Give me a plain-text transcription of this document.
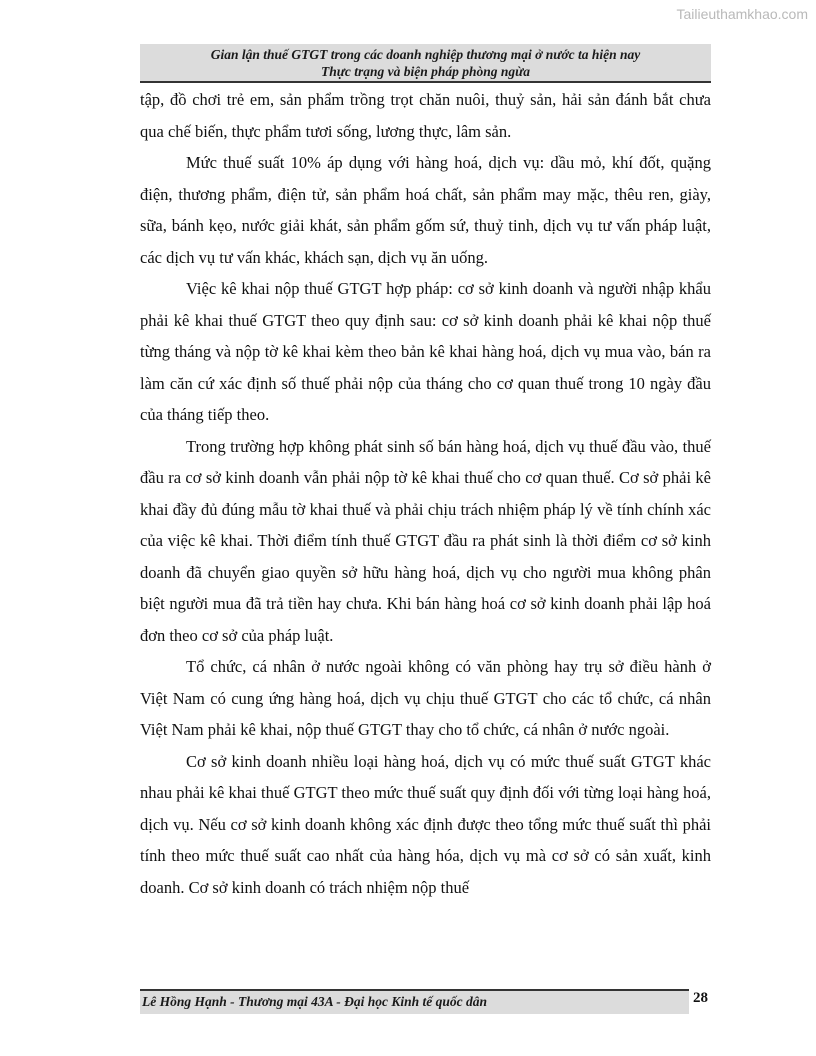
Tailieuthamkhao.com
Gian lận thuế GTGT trong các doanh nghiệp thương mại ở nước ta hiện nay
Thực trạng và biện pháp phòng ngừa

tập, đồ chơi trẻ em, sản phẩm trồng trọt chăn nuôi, thuỷ sản, hải sản đánh bắt chưa qua chế biến, thực phẩm tươi sống, lương thực, lâm sản.

Mức thuế suất 10% áp dụng với hàng hoá, dịch vụ: dầu mỏ, khí đốt, quặng điện, thương phẩm, điện tử, sản phẩm hoá chất, sản phẩm may mặc, thêu ren, giày, sữa, bánh kẹo, nước giải khát, sản phẩm gốm sứ, thuỷ tinh, dịch vụ tư vấn pháp luật, các dịch vụ tư vấn khác, khách sạn, dịch vụ ăn uống.

Việc kê khai nộp thuế GTGT hợp pháp: cơ sở kinh doanh và người nhập khẩu phải kê khai thuế GTGT theo quy định sau: cơ sở kinh doanh phải kê khai nộp thuế từng tháng và nộp tờ kê khai kèm theo bản kê khai hàng hoá, dịch vụ mua vào, bán ra làm căn cứ xác định số thuế phải nộp của tháng cho cơ quan thuế trong 10 ngày đầu của tháng tiếp theo.

Trong trường hợp không phát sinh số bán hàng hoá, dịch vụ thuế đầu vào, thuế đầu ra cơ sở kinh doanh vẫn phải nộp tờ kê khai thuế cho cơ quan thuế. Cơ sở phải kê khai đầy đủ đúng mẫu tờ khai thuế và phải chịu trách nhiệm pháp lý về tính chính xác của việc kê khai. Thời điểm tính thuế GTGT đầu ra phát sinh là thời điểm cơ sở kinh doanh đã chuyển giao quyền sở hữu hàng hoá, dịch vụ cho người mua không phân biệt người mua đã trả tiền hay chưa. Khi bán hàng hoá cơ sở kinh doanh phải lập hoá đơn theo cơ sở của pháp luật.

Tổ chức, cá nhân ở nước ngoài không có văn phòng hay trụ sở điều hành ở Việt Nam có cung ứng hàng hoá, dịch vụ chịu thuế GTGT cho các tổ chức, cá nhân Việt Nam phải kê khai, nộp thuế GTGT thay cho tổ chức, cá nhân ở nước ngoài.

Cơ sở kinh doanh nhiều loại hàng hoá, dịch vụ có mức thuế suất GTGT khác nhau phải kê khai thuế GTGT theo mức thuế suất quy định đối với từng loại hàng hoá, dịch vụ. Nếu cơ sở kinh doanh không xác định được theo tổng mức thuế suất thì phải tính theo mức thuế suất cao nhất của hàng hóa, dịch vụ mà cơ sở có sản xuất, kinh doanh. Cơ sở kinh doanh có trách nhiệm nộp thuế

Lê Hồng Hạnh - Thương mại 43A - Đại học Kinh tế quốc dân	28
